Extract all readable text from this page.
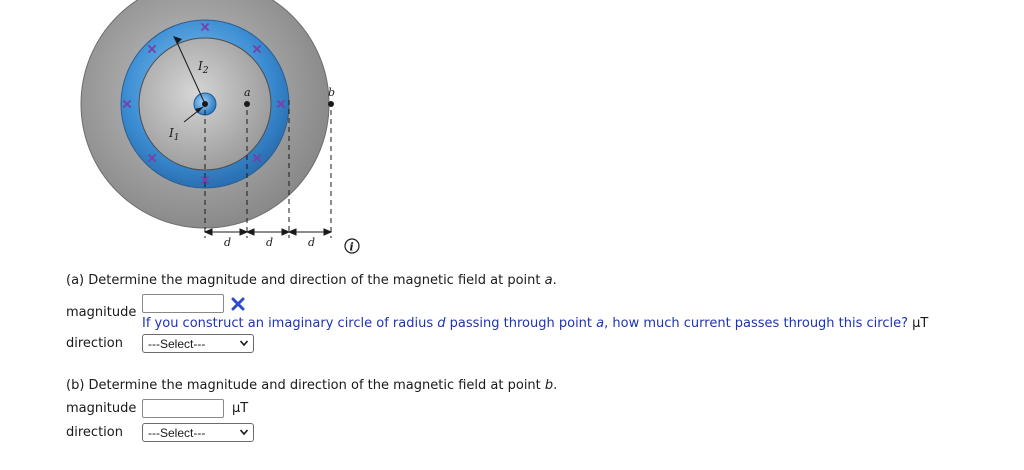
$I_2$
$I_1$
a	b
d	d	d	i
(a) Determine the magnitude and direction of the magnetic field at point a.
magnitude
If you construct an imaginary circle of radius d passing through point a, how much current passes through this circle? μT
direction ---Select---
(b) Determine the magnitude and direction of the magnetic field at point b.
magnitude	μT
direction ---Select---
